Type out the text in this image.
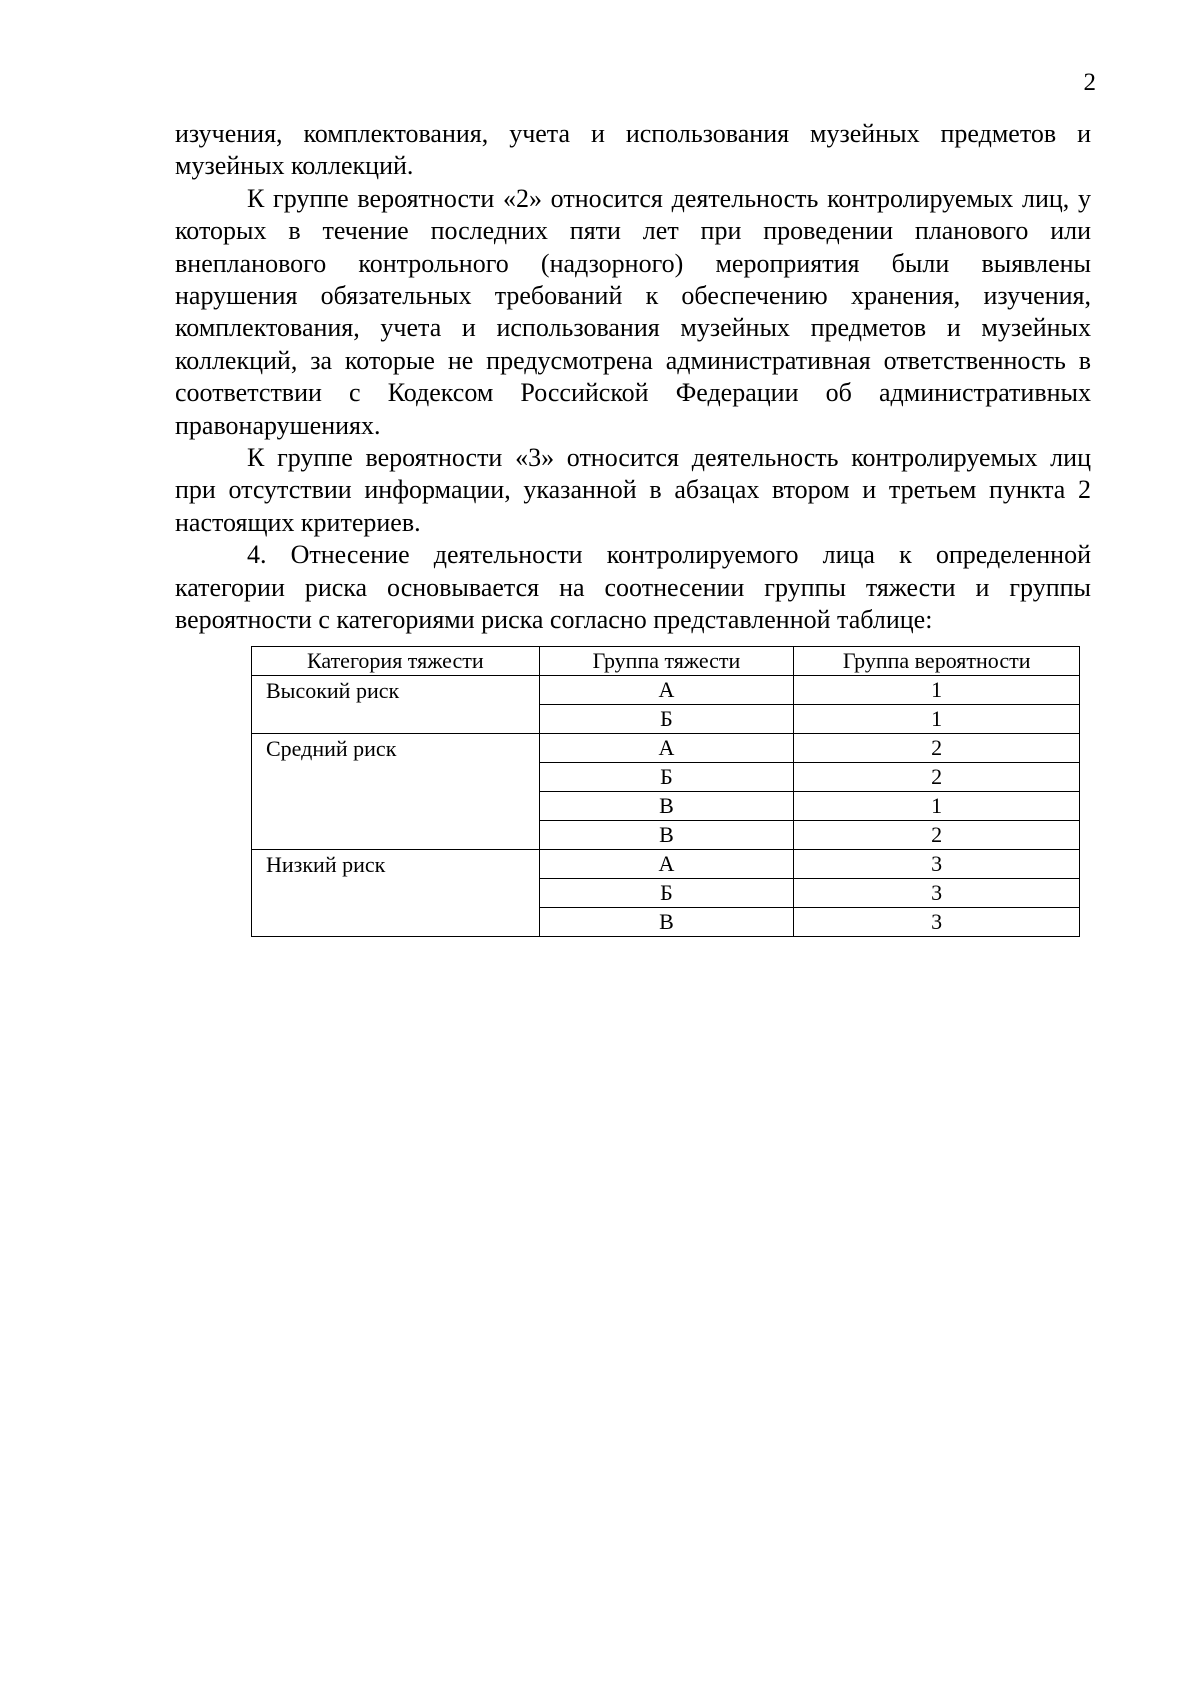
2

изучения, комплектования, учета и использования музейных предметов и музейных коллекций.

К группе вероятности «2» относится деятельность контролируемых лиц, у которых в течение последних пяти лет при проведении планового или внепланового контрольного (надзорного) мероприятия были выявлены нарушения обязательных требований к обеспечению хранения, изучения, комплектования, учета и использования музейных предметов и музейных коллекций, за которые не предусмотрена административная ответственность в соответствии с Кодексом Российской Федерации об административных правонарушениях.

К группе вероятности «3» относится деятельность контролируемых лиц при отсутствии информации, указанной в абзацах втором и третьем пункта 2 настоящих критериев.

4. Отнесение деятельности контролируемого лица к определенной категории риска основывается на соотнесении группы тяжести и группы вероятности с категориями риска согласно представленной таблице:

Категория тяжести	Группа тяжести	Группа вероятности
Высокий риск	А	1
	Б	1
Средний риск	А	2
	Б	2
	В	1
	В	2
Низкий риск	А	3
	Б	3
	В	3
